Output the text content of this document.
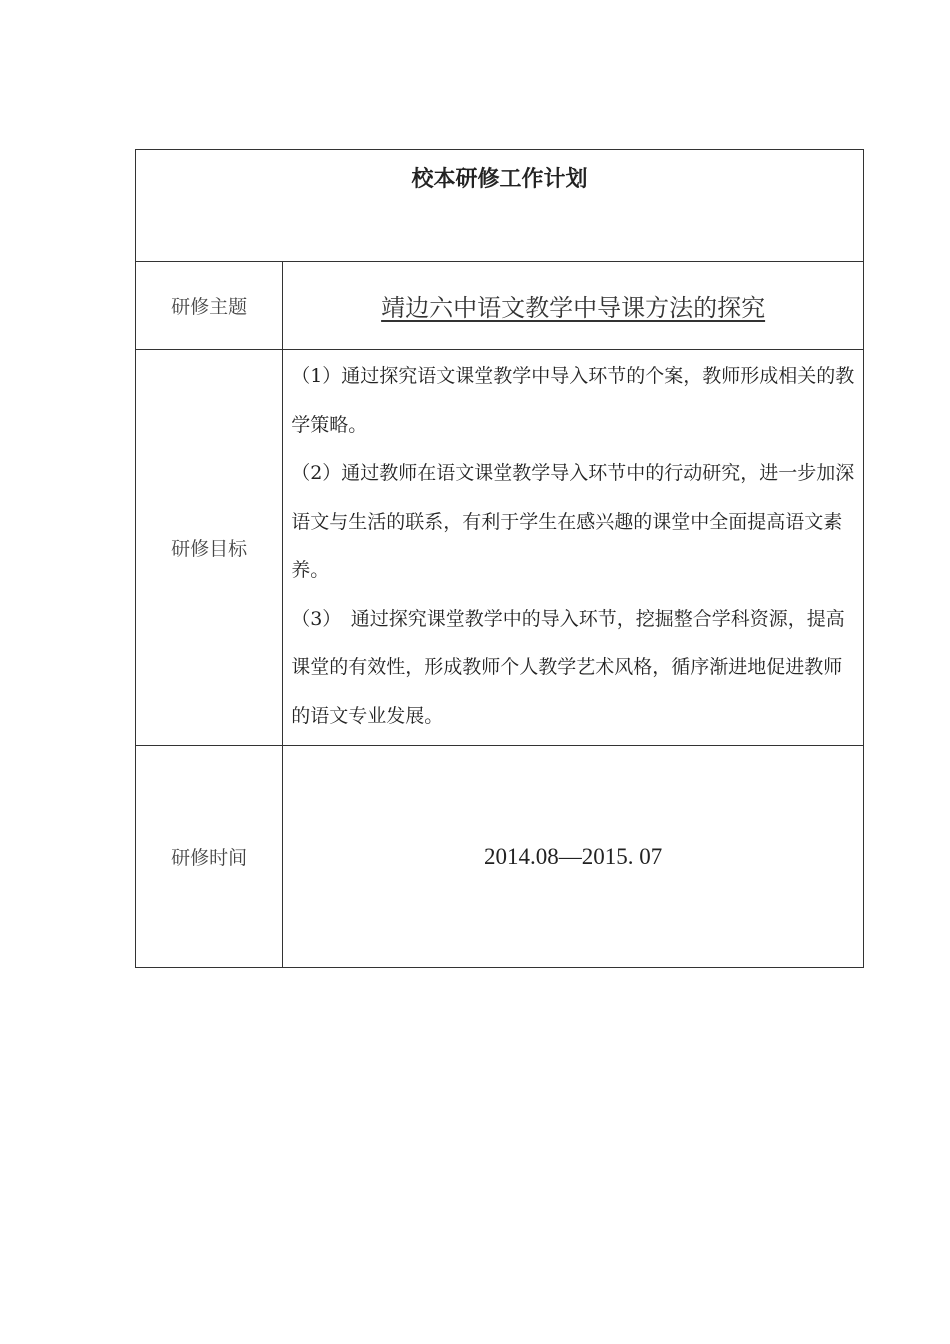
校本研修工作计划	
研修主题	靖边六中语文教学中导课方法的探究
研修目标	（1）通过探究语文课堂教学中导入环节的个案，教师形成相关的教学策略。

（2）通过教师在语文课堂教学导入环节中的行动研究，进一步加深语文与生活的联系，有利于学生在感兴趣的课堂中全面提高语文素养。

（3）　通过探究课堂教学中的导入环节，挖掘整合学科资源，提高课堂的有效性，形成教师个人教学艺术风格，循序渐进地促进教师的语文专业发展。

研修时间	2014.08—2015. 07
